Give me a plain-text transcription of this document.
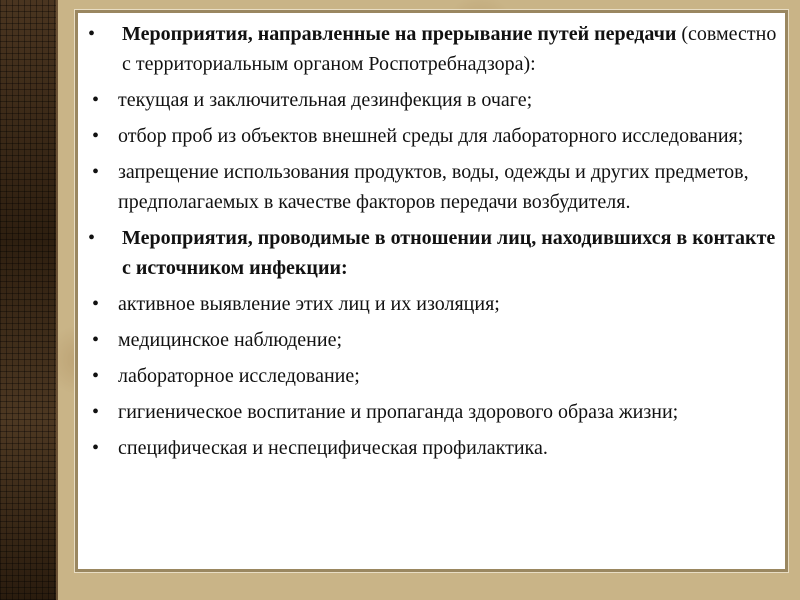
• Мероприятия, направленные на прерывание путей передачи (совместно с территориальным органом Роспотребнадзора):
• текущая и заключительная дезинфекция в очаге;
• отбор проб из объектов внешней среды для лабораторного исследования;
• запрещение использования продуктов, воды, одежды и других предметов, предполагаемых в качестве факторов передачи возбудителя.
• Мероприятия, проводимые в отношении лиц, находившихся в контакте с источником инфекции:
• активное выявление этих лиц и их изоляция;
• медицинское наблюдение;
• лабораторное исследование;
• гигиеническое воспитание и пропаганда здорового образа жизни;
• специфическая и неспецифическая профилактика.
